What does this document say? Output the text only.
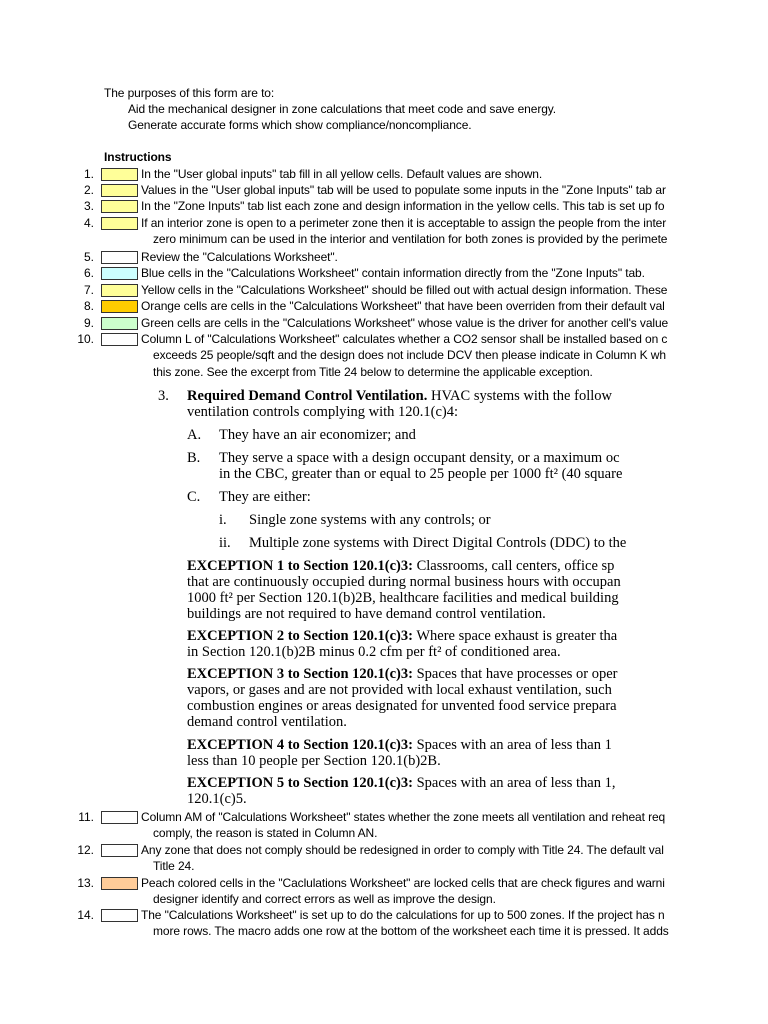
The purposes of this form are to:
Aid the mechanical designer in zone calculations that meet code and save energy.
Generate accurate forms which show compliance/noncompliance.
Instructions
1.	In the "User global inputs" tab fill in all yellow cells. Default values are shown.
2.	Values in the "User global inputs" tab will be used to populate some inputs in the "Zone Inputs" tab ar
3.	In the "Zone Inputs" tab list each zone and design information in the yellow cells. This tab is set up fo
4.	If an interior zone is open to a perimeter zone then it is acceptable to assign the people from the inter
zero minimum can be used in the interior and ventilation for both zones is provided by the perimete
5.	Review the "Calculations Worksheet".
6.	Blue cells in the "Calculations Worksheet" contain information directly from the "Zone Inputs" tab.
7.	Yellow cells in the "Calculations Worksheet" should be filled out with actual design information. These
8.	Orange cells are cells in the "Calculations Worksheet" that have been overriden from their default val
9.	Green cells are cells in the "Calculations Worksheet" whose value is the driver for another cell's value
10.	Column L of "Calculations Worksheet" calculates whether a CO2 sensor shall be installed based on c
exceeds 25 people/sqft and the design does not include DCV then please indicate in Column K wh
this zone. See the excerpt from Title 24 below to determine the applicable exception.
3. Required Demand Control Ventilation. HVAC systems with the follow
ventilation controls complying with 120.1(c)4:
A. They have an air economizer; and
B. They serve a space with a design occupant density, or a maximum oc
in the CBC, greater than or equal to 25 people per 1000 ft² (40 square
C. They are either:
i. Single zone systems with any controls; or
ii. Multiple zone systems with Direct Digital Controls (DDC) to the
EXCEPTION 1 to Section 120.1(c)3: Classrooms, call centers, office sp
that are continuously occupied during normal business hours with occupan
1000 ft² per Section 120.1(b)2B, healthcare facilities and medical building
buildings are not required to have demand control ventilation.
EXCEPTION 2 to Section 120.1(c)3: Where space exhaust is greater tha
in Section 120.1(b)2B minus 0.2 cfm per ft² of conditioned area.
EXCEPTION 3 to Section 120.1(c)3: Spaces that have processes or oper
vapors, or gases and are not provided with local exhaust ventilation, such
combustion engines or areas designated for unvented food service prepara
demand control ventilation.
EXCEPTION 4 to Section 120.1(c)3: Spaces with an area of less than 1
less than 10 people per Section 120.1(b)2B.
EXCEPTION 5 to Section 120.1(c)3: Spaces with an area of less than 1,
120.1(c)5.
11.	Column AM of "Calculations Worksheet" states whether the zone meets all ventilation and reheat req
comply, the reason is stated in Column AN.
12.	Any zone that does not comply should be redesigned in order to comply with Title 24. The default val
Title 24.
13.	Peach colored cells in the "Caclulations Worksheet" are locked cells that are check figures and warni
designer identify and correct errors as well as improve the design.
14.	The "Calculations Worksheet" is set up to do the calculations for up to 500 zones. If the project has n
more rows. The macro adds one row at the bottom of the worksheet each time it is pressed. It adds
